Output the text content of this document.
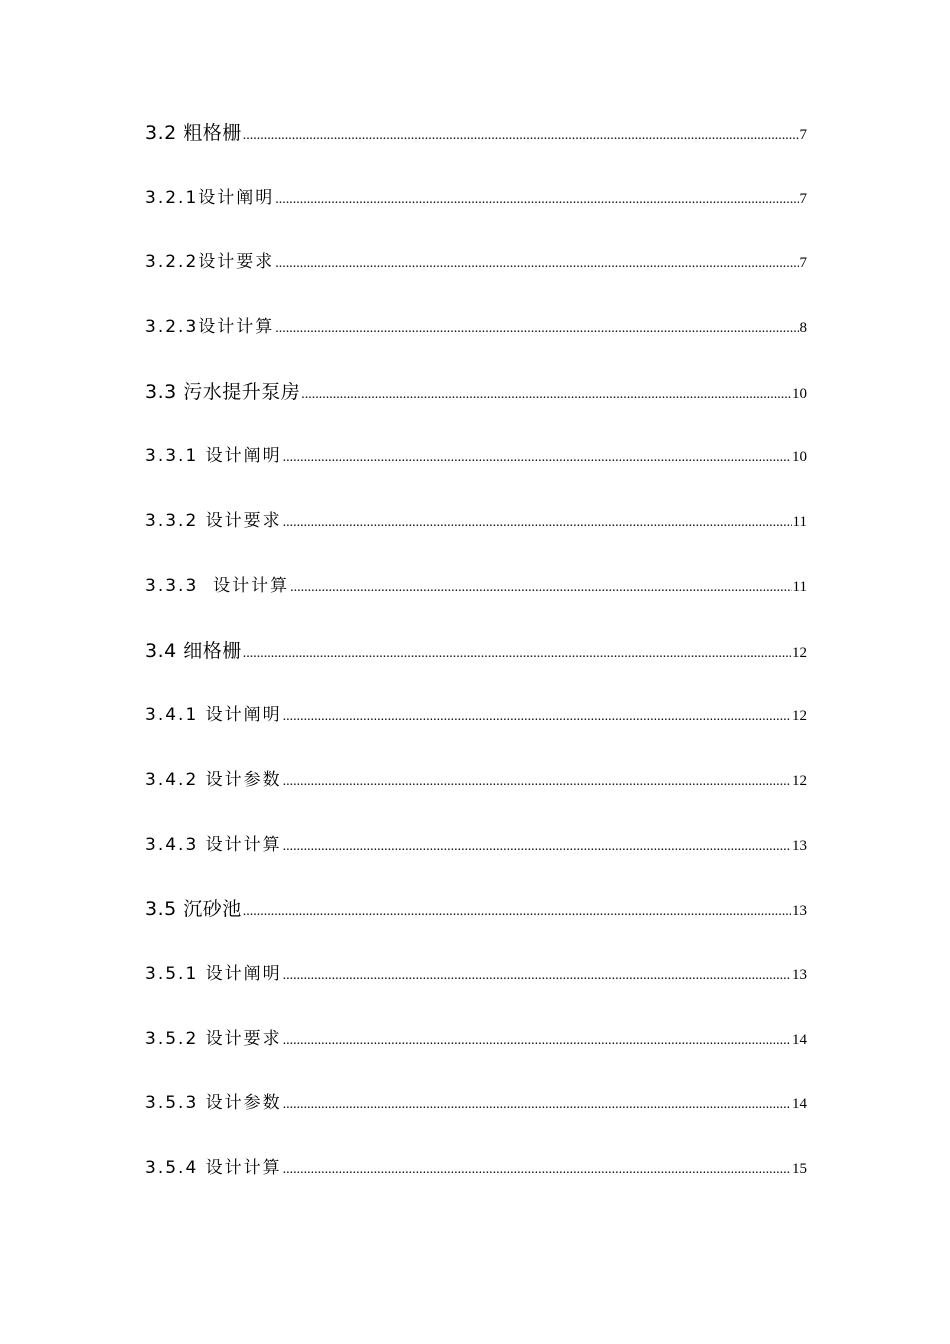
3.2 粗格栅 .....	7
3.2.1设计阐明 .....	7
3.2.2设计要求 .....	7
3.2.3设计计算 .....	8
3.3 污水提升泵房 .....	10
3.3.1 设计阐明 .....	10
3.3.2 设计要求 .....	11
3.3.3  设计计算 .....	11
3.4 细格栅 .....	12
3.4.1 设计阐明 .....	12
3.4.2 设计参数 .....	12
3.4.3 设计计算 .....	13
3.5 沉砂池 .....	13
3.5.1 设计阐明 .....	13
3.5.2 设计要求 .....	14
3.5.3 设计参数 .....	14
3.5.4 设计计算 .....	15
